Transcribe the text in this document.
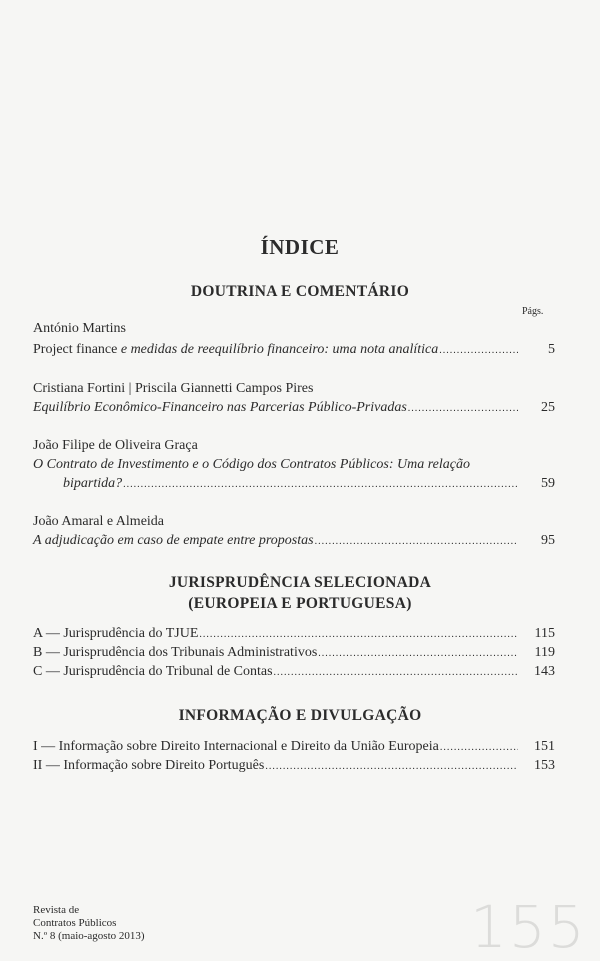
ÍNDICE
DOUTRINA E COMENTÁRIO
Págs.
António Martins
Project finance e medidas de reequilíbrio financeiro: uma nota analítica .....	5
Cristiana Fortini | Priscila Giannetti Campos Pires
Equilíbrio Econômico-Financeiro nas Parcerias Público-Privadas .....	25
João Filipe de Oliveira Graça
O Contrato de Investimento e o Código dos Contratos Públicos: Uma relação
bipartida? .....	59
João Amaral e Almeida
A adjudicação em caso de empate entre propostas .....	95
JURISPRUDÊNCIA SELECIONADA
(EUROPEIA E PORTUGUESA)
A — Jurisprudência do TJUE .....	115
B — Jurisprudência dos Tribunais Administrativos .....	119
C — Jurisprudência do Tribunal de Contas .....	143
INFORMAÇÃO E DIVULGAÇÃO
I — Informação sobre Direito Internacional e Direito da União Europeia .....	151
II — Informação sobre Direito Português .....	153
Revista de
Contratos Públicos
N.º 8 (maio-agosto 2013)	155
